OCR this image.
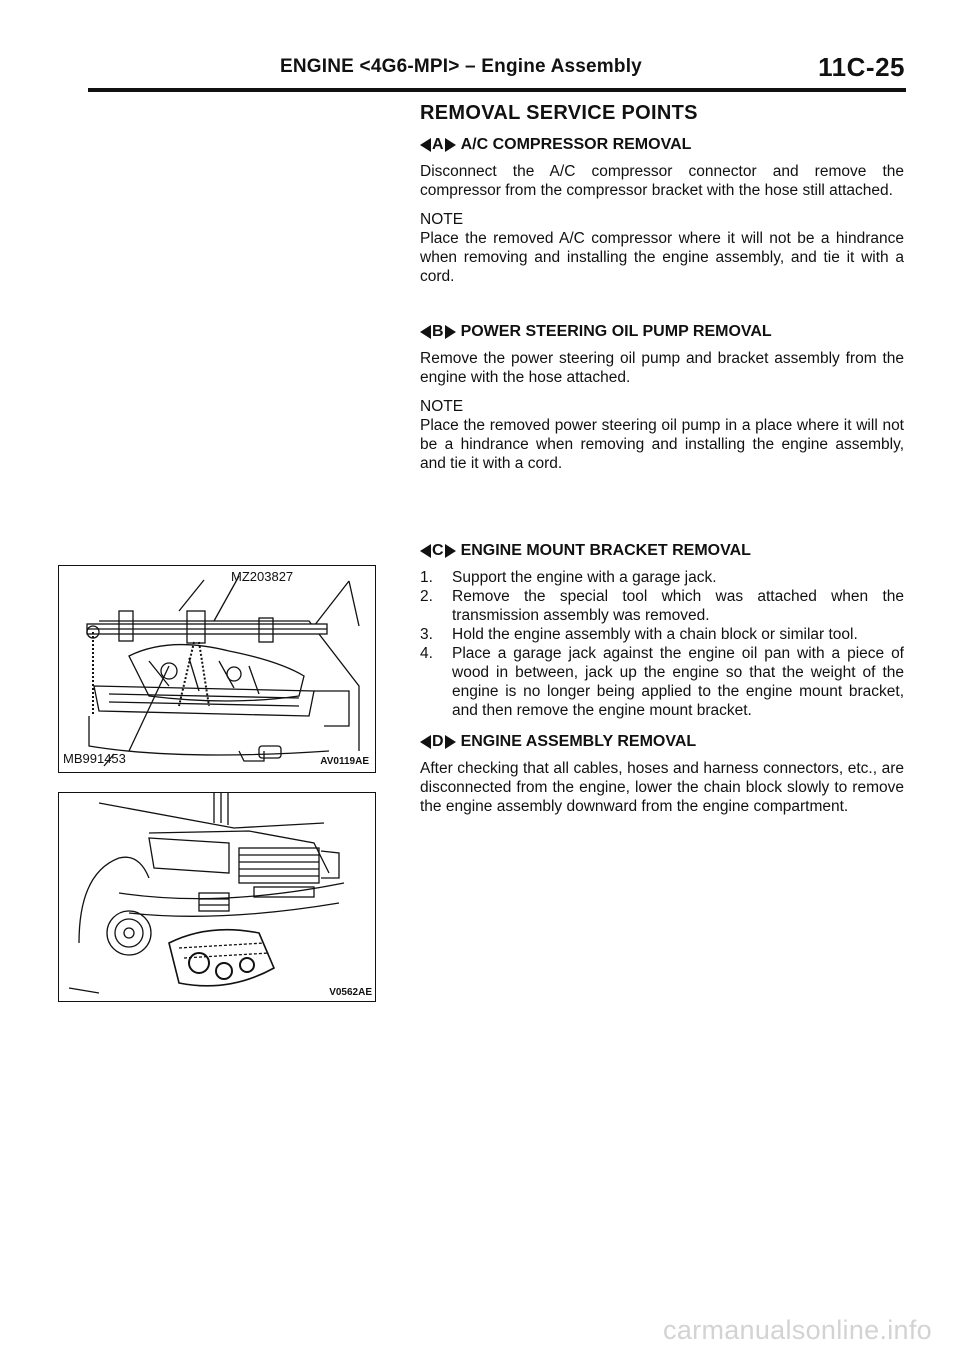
ENGINE <4G6-MPI> – Engine Assembly	11C-25
MZ203827
MB991453	AV0119AE
V0562AE
REMOVAL SERVICE POINTS
A A/C COMPRESSOR REMOVAL

Disconnect the A/C compressor connector and remove the compressor from the compressor bracket with the hose still attached.

NOTE

Place the removed A/C compressor where it will not be a hindrance when removing and installing the engine assembly, and tie it with a cord.

B POWER STEERING OIL PUMP REMOVAL

Remove the power steering oil pump and bracket assembly from the engine with the hose attached.

NOTE

Place the removed power steering oil pump in a place where it will not be a hindrance when removing and installing the engine assembly, and tie it with a cord.

C ENGINE MOUNT BRACKET REMOVAL
1. Support the engine with a garage jack.
2. Remove the special tool which was attached when the transmission assembly was removed.
3. Hold the engine assembly with a chain block or similar tool.
4. Place a garage jack against the engine oil pan with a piece of wood in between, jack up the engine so that the weight of the engine is no longer being applied to the engine mount bracket, and then remove the engine mount bracket.
D ENGINE ASSEMBLY REMOVAL

After checking that all cables, hoses and harness connectors, etc., are disconnected from the engine, lower the chain block slowly to remove the engine assembly downward from the engine compartment.

carmanualsonline.info
